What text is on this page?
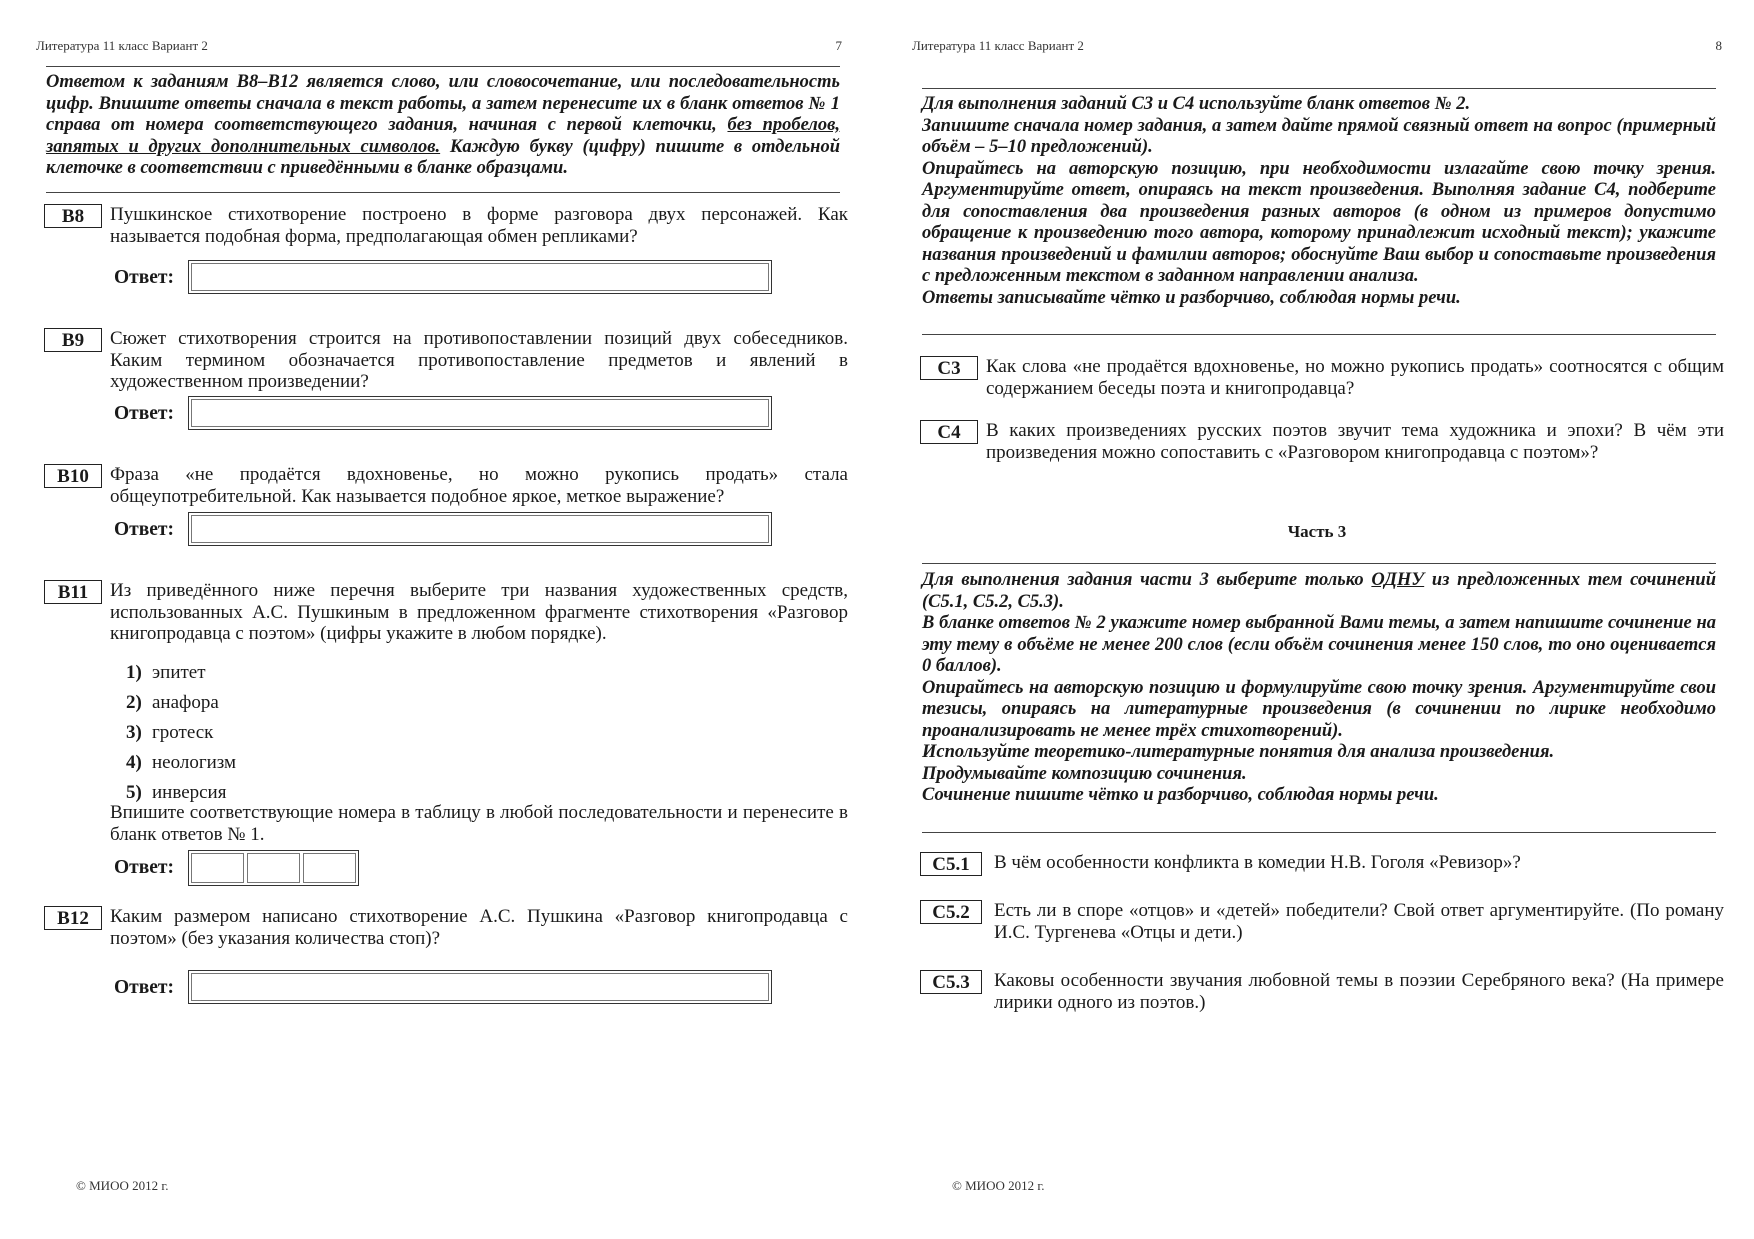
Литература 11 класс Вариант 2	7

Ответом к заданиям В8–В12 является слово, или словосочетание, или последовательность цифр. Впишите ответы сначала в текст работы, а затем перенесите их в бланк ответов № 1 справа от номера соответствующего задания, начиная с первой клеточки, без пробелов, запятых и других дополнительных символов. Каждую букву (цифру) пишите в отдельной клеточке в соответствии с приведёнными в бланке образцами.

B8	Пушкинское стихотворение построено в форме разговора двух персонажей. Как называется подобная форма, предполагающая обмен репликами?
Ответ:
B9	Сюжет стихотворения строится на противопоставлении позиций двух собеседников. Каким термином обозначается противопоставление предметов и явлений в художественном произведении?
Ответ:
B10	Фраза «не продаётся вдохновенье, но можно рукопись продать» стала общеупотребительной. Как называется подобное яркое, меткое выражение?
Ответ:
B11	Из приведённого ниже перечня выберите три названия художественных средств, использованных А.С. Пушкиным в предложенном фрагменте стихотворения «Разговор книгопродавца с поэтом» (цифры укажите в любом порядке).
1) эпитет
2) анафора
3) гротеск
4) неологизм
5) инверсия
Впишите соответствующие номера в таблицу в любой последовательности и перенесите в бланк ответов № 1.
Ответ:
B12	Каким размером написано стихотворение А.С. Пушкина «Разговор книгопродавца с поэтом» (без указания количества стоп)?
Ответ:
© МИОО 2012 г.
Литература 11 класс Вариант 2	8

Для выполнения заданий С3 и С4 используйте бланк ответов № 2.

Запишите сначала номер задания, а затем дайте прямой связный ответ на вопрос (примерный объём – 5–10 предложений).

Опирайтесь на авторскую позицию, при необходимости излагайте свою точку зрения. Аргументируйте ответ, опираясь на текст произведения. Выполняя задание С4, подберите для сопоставления два произведения разных авторов (в одном из примеров допустимо обращение к произведению того автора, которому принадлежит исходный текст); укажите названия произведений и фамилии авторов; обоснуйте Ваш выбор и сопоставьте произведения с предложенным текстом в заданном направлении анализа.

Ответы записывайте чётко и разборчиво, соблюдая нормы речи.

C3	Как слова «не продаётся вдохновенье, но можно рукопись продать» соотносятся с общим содержанием беседы поэта и книгопродавца?
C4	В каких произведениях русских поэтов звучит тема художника и эпохи? В чём эти произведения можно сопоставить с «Разговором книгопродавца с поэтом»?
Часть 3

Для выполнения задания части 3 выберите только ОДНУ из предложенных тем сочинений (С5.1, С5.2, С5.3).

В бланке ответов № 2 укажите номер выбранной Вами темы, а затем напишите сочинение на эту тему в объёме не менее 200 слов (если объём сочинения менее 150 слов, то оно оценивается 0 баллов).

Опирайтесь на авторскую позицию и формулируйте свою точку зрения. Аргументируйте свои тезисы, опираясь на литературные произведения (в сочинении по лирике необходимо проанализировать не менее трёх стихотворений).

Используйте теоретико-литературные понятия для анализа произведения.

Продумывайте композицию сочинения.

Сочинение пишите чётко и разборчиво, соблюдая нормы речи.

C5.1	В чём особенности конфликта в комедии Н.В. Гоголя «Ревизор»?
C5.2	Есть ли в споре «отцов» и «детей» победители? Свой ответ аргументируйте. (По роману И.С. Тургенева «Отцы и дети.)
C5.3	Каковы особенности звучания любовной темы в поэзии Серебряного века? (На примере лирики одного из поэтов.)
© МИОО 2012 г.
